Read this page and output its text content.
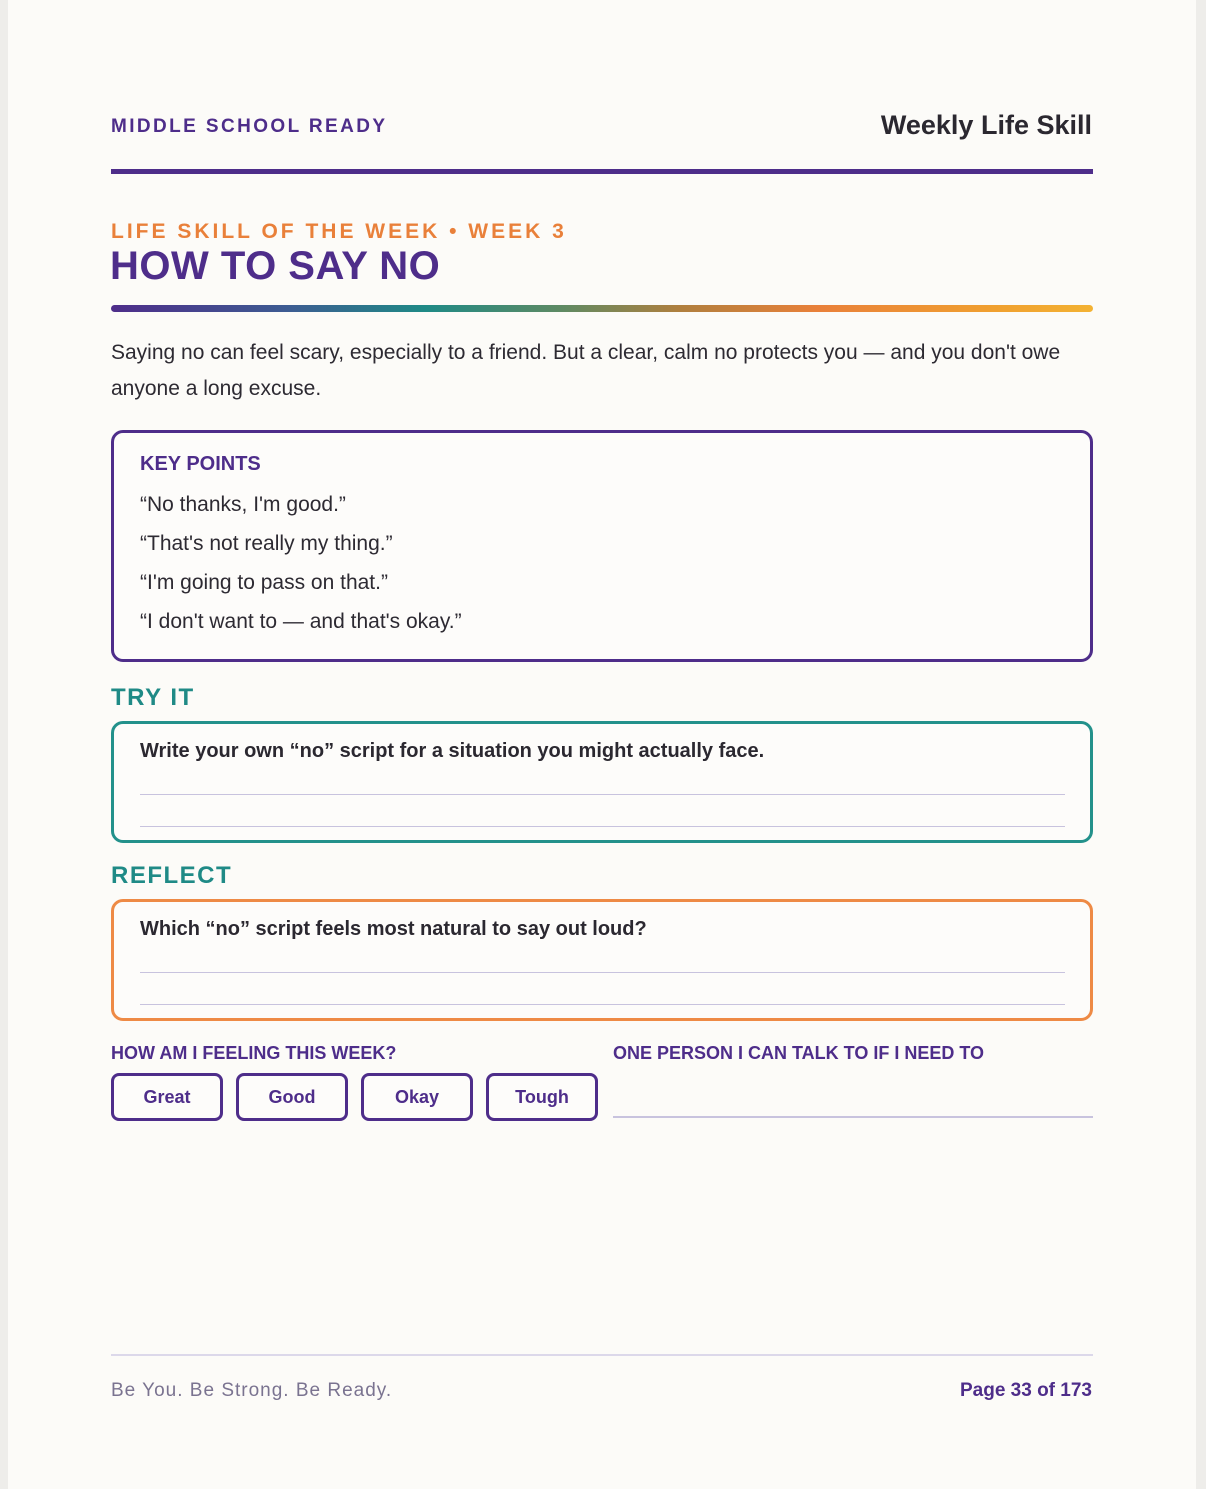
MIDDLE SCHOOL READY	Weekly Life Skill
LIFE SKILL OF THE WEEK • WEEK 3
HOW TO SAY NO
Saying no can feel scary, especially to a friend. But a clear, calm no protects you — and you don't owe anyone a long excuse.
KEY POINTS
“No thanks, I'm good.”
“That's not really my thing.”
“I'm going to pass on that.”
“I don't want to — and that's okay.”
TRY IT
Write your own “no” script for a situation you might actually face.
REFLECT
Which “no” script feels most natural to say out loud?
HOW AM I FEELING THIS WEEK?
Great	Good	Okay	Tough
ONE PERSON I CAN TALK TO IF I NEED TO
Be You. Be Strong. Be Ready.	Page 33 of 173
